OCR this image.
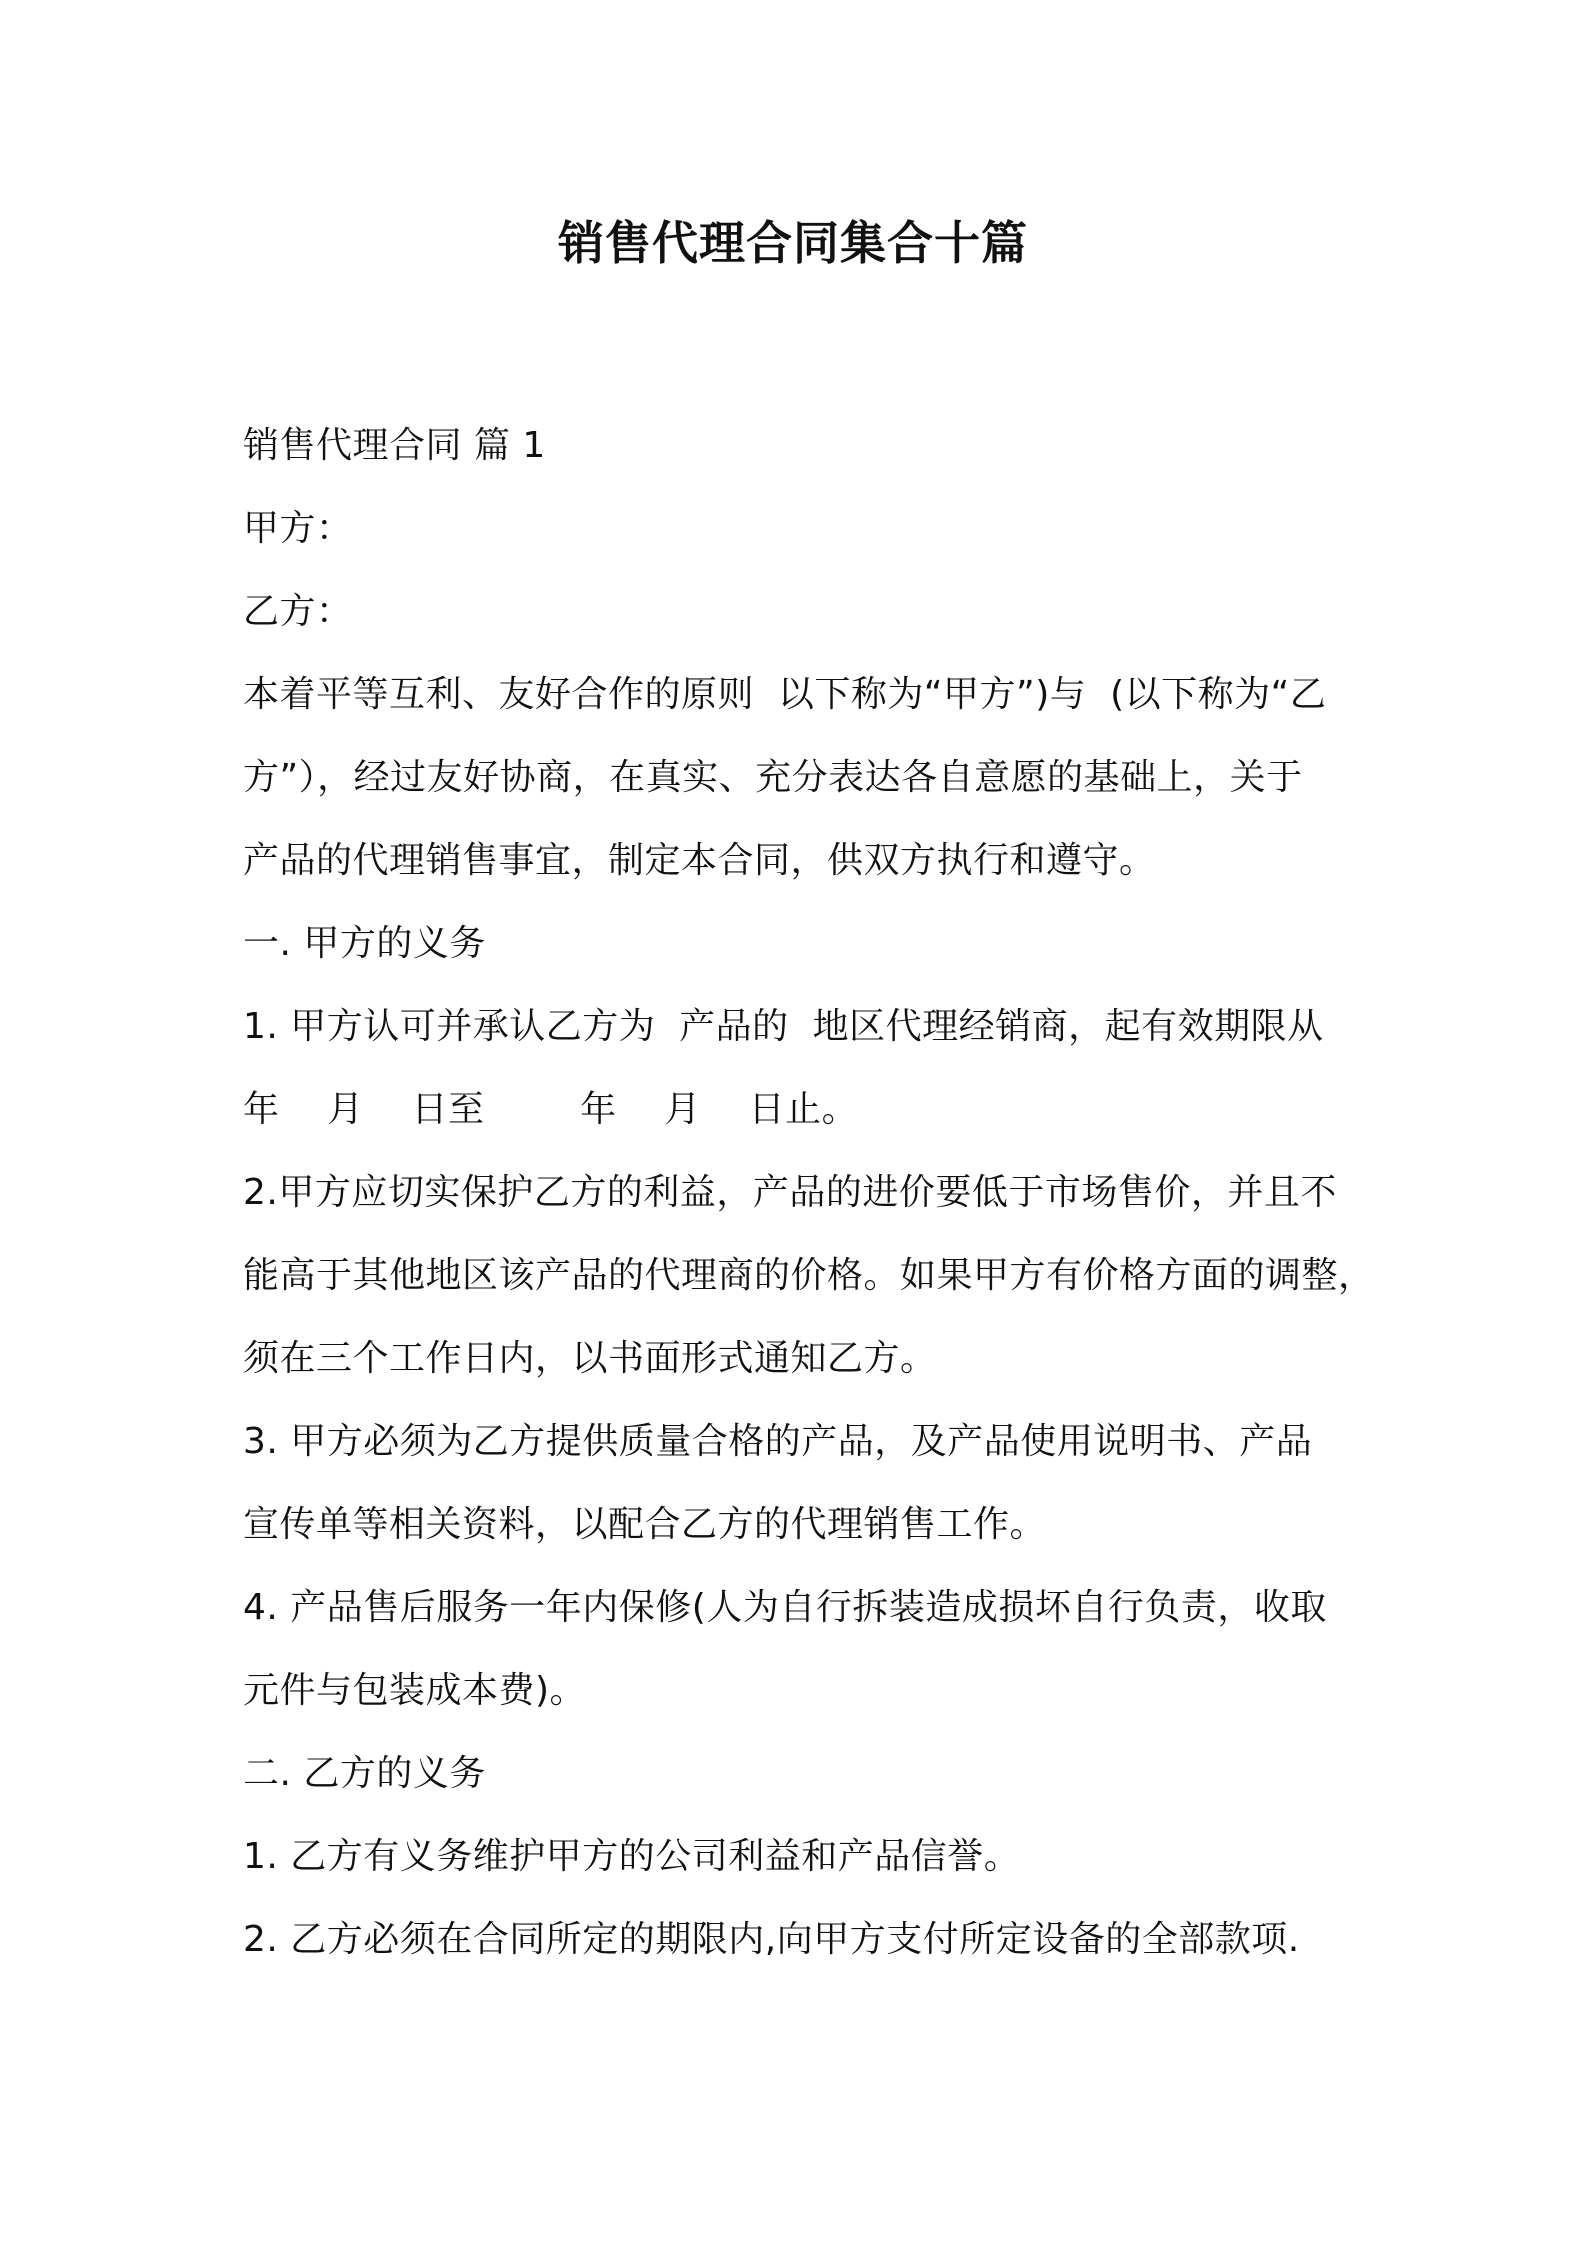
销售代理合同集合十篇
销售代理合同 篇 1
甲方：
乙方：
本着平等互利、友好合作的原则  以下称为“甲方”)与  (以下称为“乙
方”），经过友好协商，在真实、充分表达各自意愿的基础上，关于
产品的代理销售事宜，制定本合同，供双方执行和遵守。
一. 甲方的义务
1. 甲方认可并承认乙方为  产品的  地区代理经销商，起有效期限从
年    月    日至        年    月    日止。
2.甲方应切实保护乙方的利益，产品的进价要低于市场售价，并且不
能高于其他地区该产品的代理商的价格。如果甲方有价格方面的调整，
须在三个工作日内，以书面形式通知乙方。
3. 甲方必须为乙方提供质量合格的产品，及产品使用说明书、产品
宣传单等相关资料，以配合乙方的代理销售工作。
4. 产品售后服务一年内保修(人为自行拆装造成损坏自行负责，收取
元件与包装成本费)。
二. 乙方的义务
1. 乙方有义务维护甲方的公司利益和产品信誉。
2. 乙方必须在合同所定的期限内,向甲方支付所定设备的全部款项.
